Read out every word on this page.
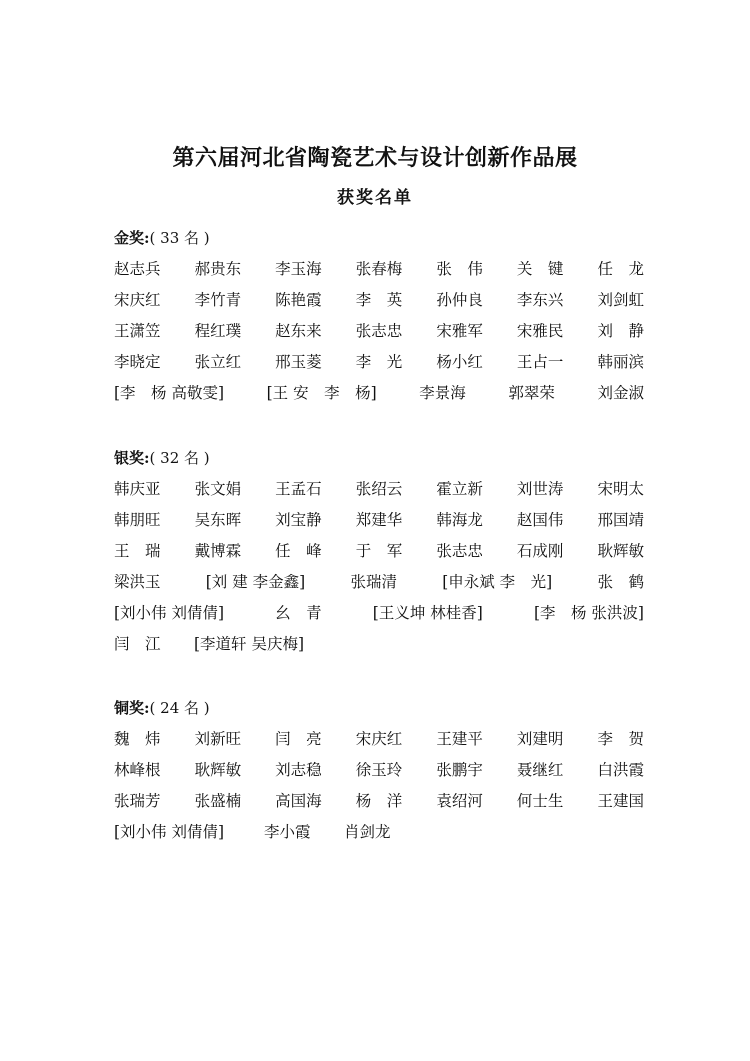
第六届河北省陶瓷艺术与设计创新作品展
获奖名单
金奖:( 33 名 )
赵志兵 郝贵东 李玉海 张春梅 张　伟 关　键 任　龙
宋庆红 李竹青 陈艳霞 李　英 孙仲良 李东兴 刘剑虹
王潇笠 程红璞 赵东来 张志忠 宋雅军 宋雅民 刘　静
李晓定 张立红 邢玉菱 李　光 杨小红 王占一 韩丽滨
[李　杨 高敬雯]	[王 安　李　杨]	李景海	郭翠荣	刘金淑
银奖:( 32 名 )
韩庆亚 张文娟 王孟石 张绍云 霍立新 刘世涛 宋明太
韩朋旺 吴东晖 刘宝静 郑建华 韩海龙 赵国伟 邢国靖
王　瑞 戴博霖 任　峰 于　军 张志忠 石成刚 耿辉敏
梁洪玉	[刘 建 李金鑫]	张瑞清	[申永斌 李　光]	张　鹤
[刘小伟 刘倩倩]	幺　青	[王义坤 林桂香]	[李　杨 张洪波]
闫　江	[李道轩 吴庆梅]
铜奖:( 24 名 )
魏　炜 刘新旺 闫　亮 宋庆红 王建平 刘建明 李　贺
林峰根 耿辉敏 刘志稳 徐玉玲 张鹏宇 聂继红 白洪霞
张瑞芳 张盛楠 高国海 杨　洋 袁绍河 何士生 王建国
[刘小伟 刘倩倩]	李小霞	肖剑龙
